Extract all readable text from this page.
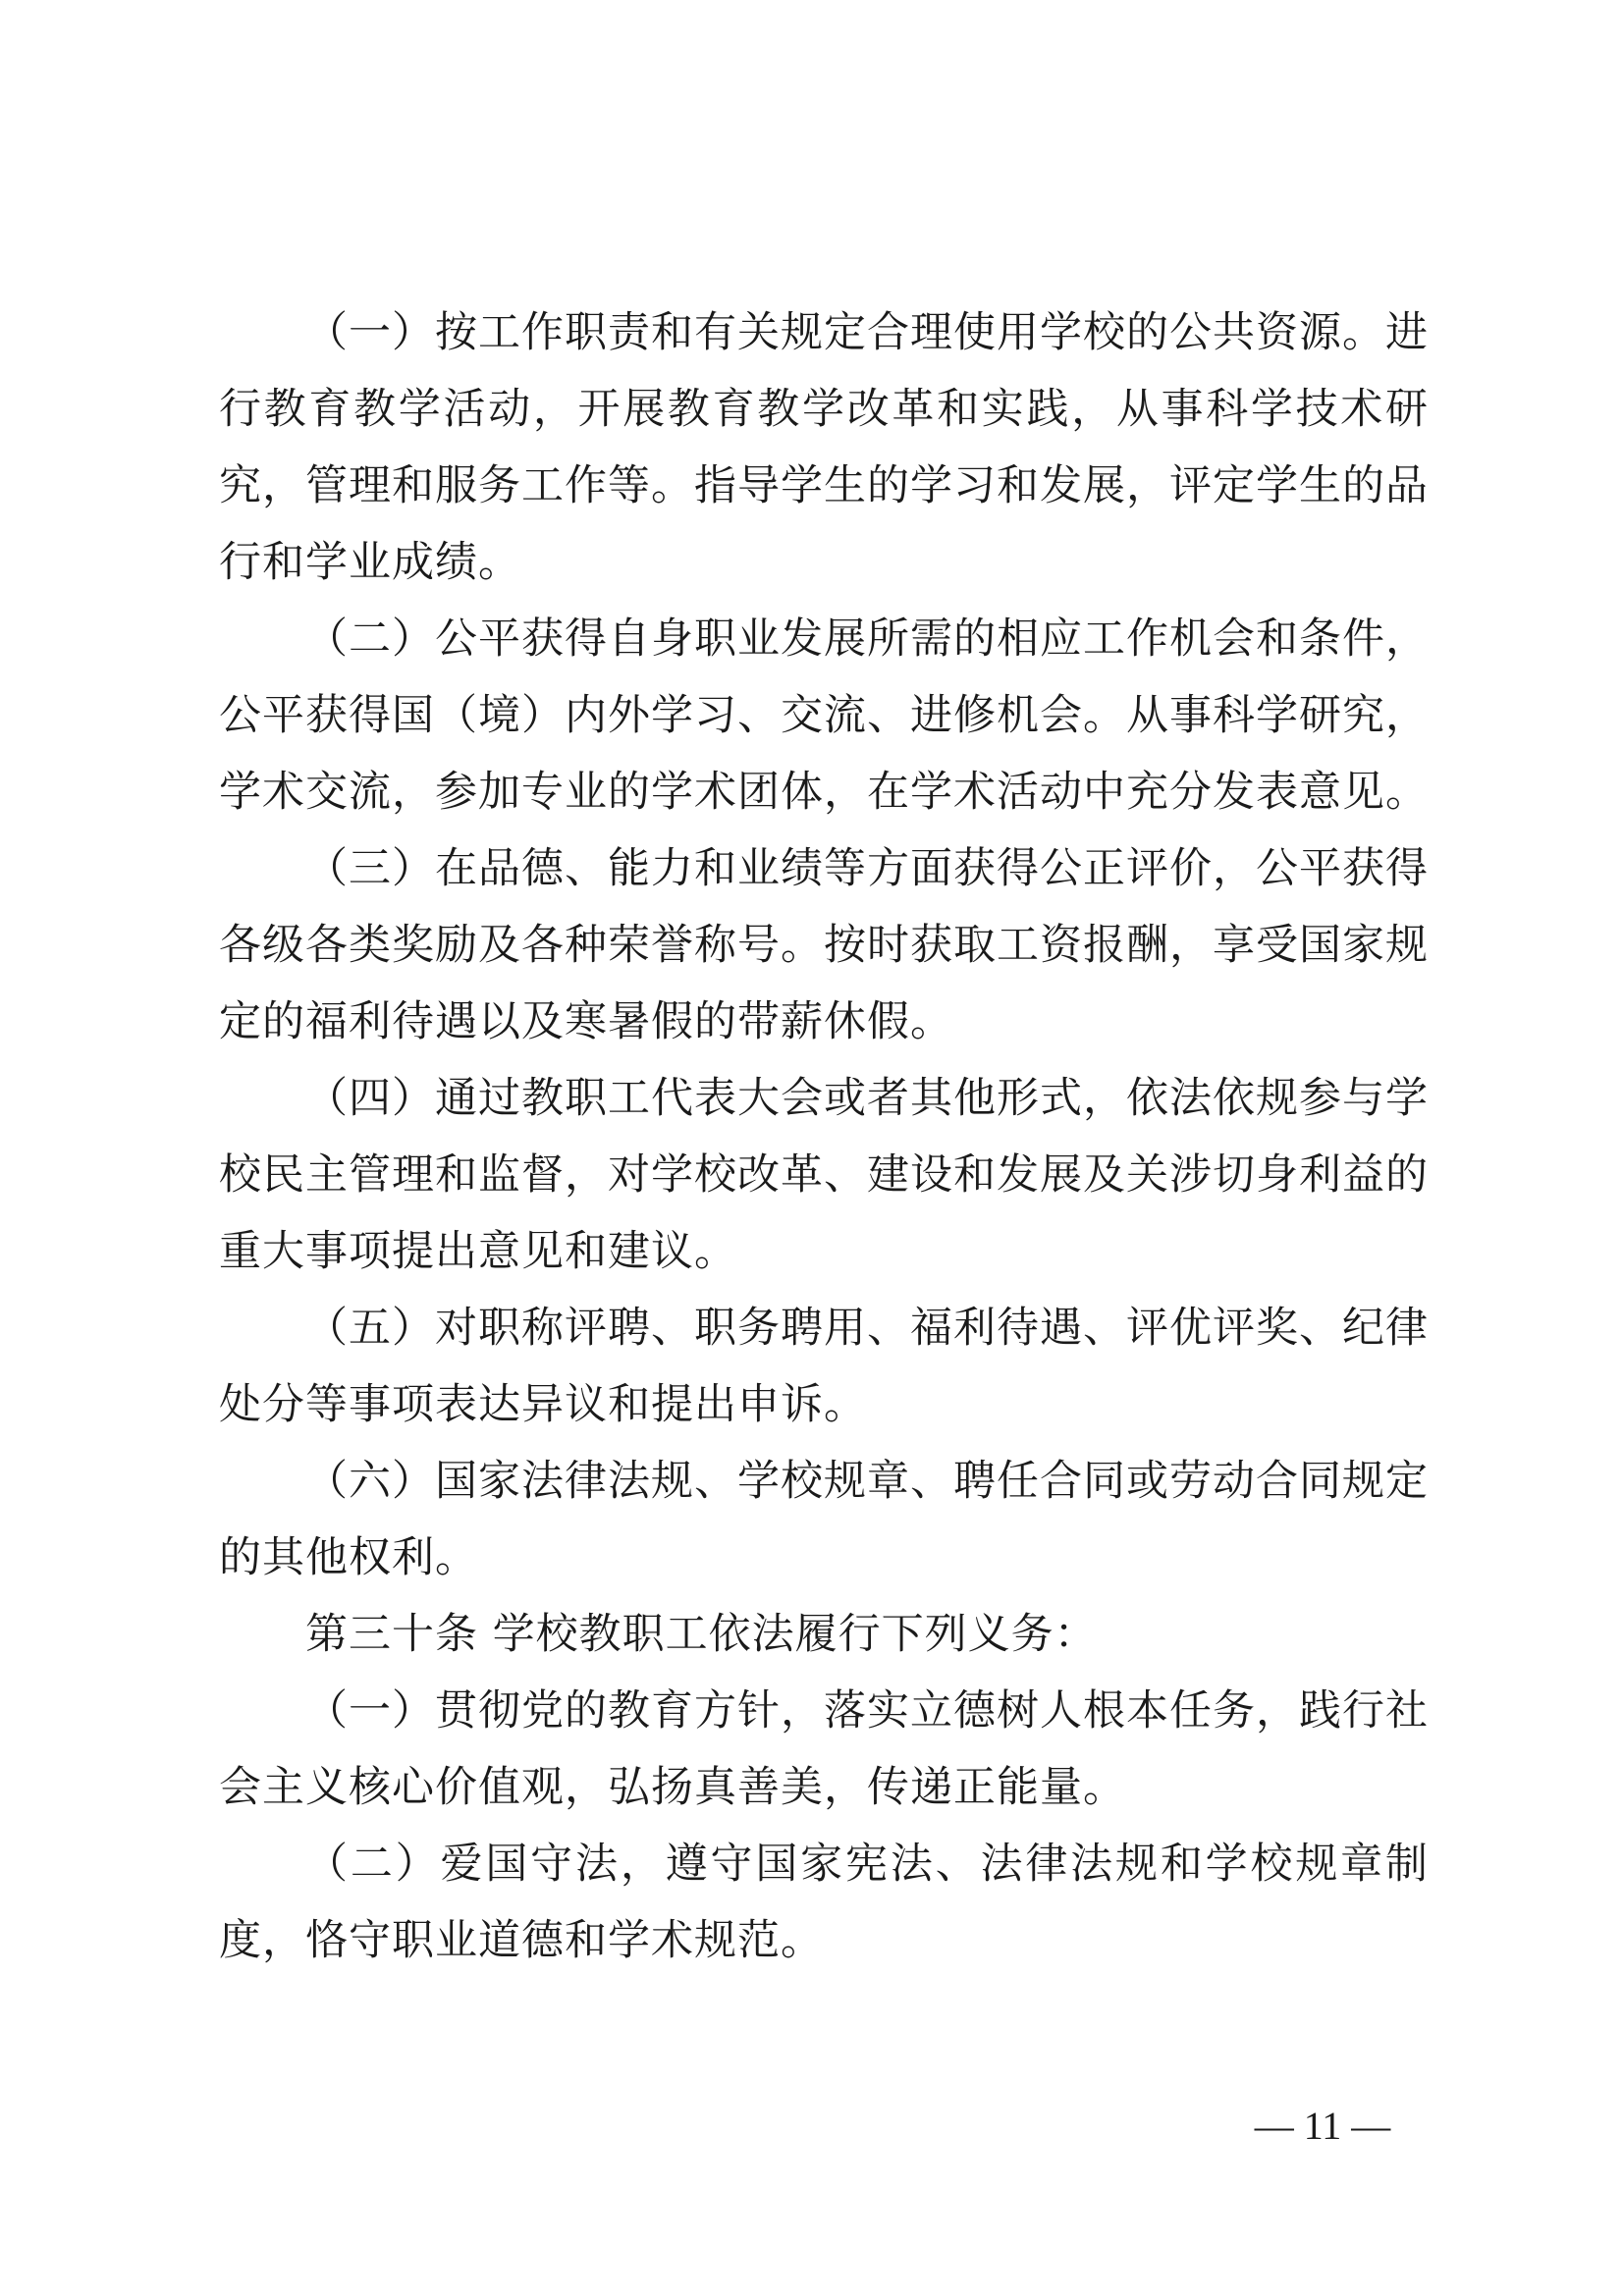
（一）按工作职责和有关规定合理使用学校的公共资源。进行教育教学活动，开展教育教学改革和实践，从事科学技术研究，管理和服务工作等。指导学生的学习和发展，评定学生的品行和学业成绩。

（二）公平获得自身职业发展所需的相应工作机会和条件，公平获得国（境）内外学习、交流、进修机会。从事科学研究，学术交流，参加专业的学术团体，在学术活动中充分发表意见。

（三）在品德、能力和业绩等方面获得公正评价，公平获得各级各类奖励及各种荣誉称号。按时获取工资报酬，享受国家规定的福利待遇以及寒暑假的带薪休假。

（四）通过教职工代表大会或者其他形式，依法依规参与学校民主管理和监督，对学校改革、建设和发展及关涉切身利益的重大事项提出意见和建议。

（五）对职称评聘、职务聘用、福利待遇、评优评奖、纪律处分等事项表达异议和提出申诉。

（六）国家法律法规、学校规章、聘任合同或劳动合同规定的其他权利。

第三十条 学校教职工依法履行下列义务：

（一）贯彻党的教育方针，落实立德树人根本任务，践行社会主义核心价值观，弘扬真善美，传递正能量。

（二）爱国守法，遵守国家宪法、法律法规和学校规章制度，恪守职业道德和学术规范。

— 11 —
